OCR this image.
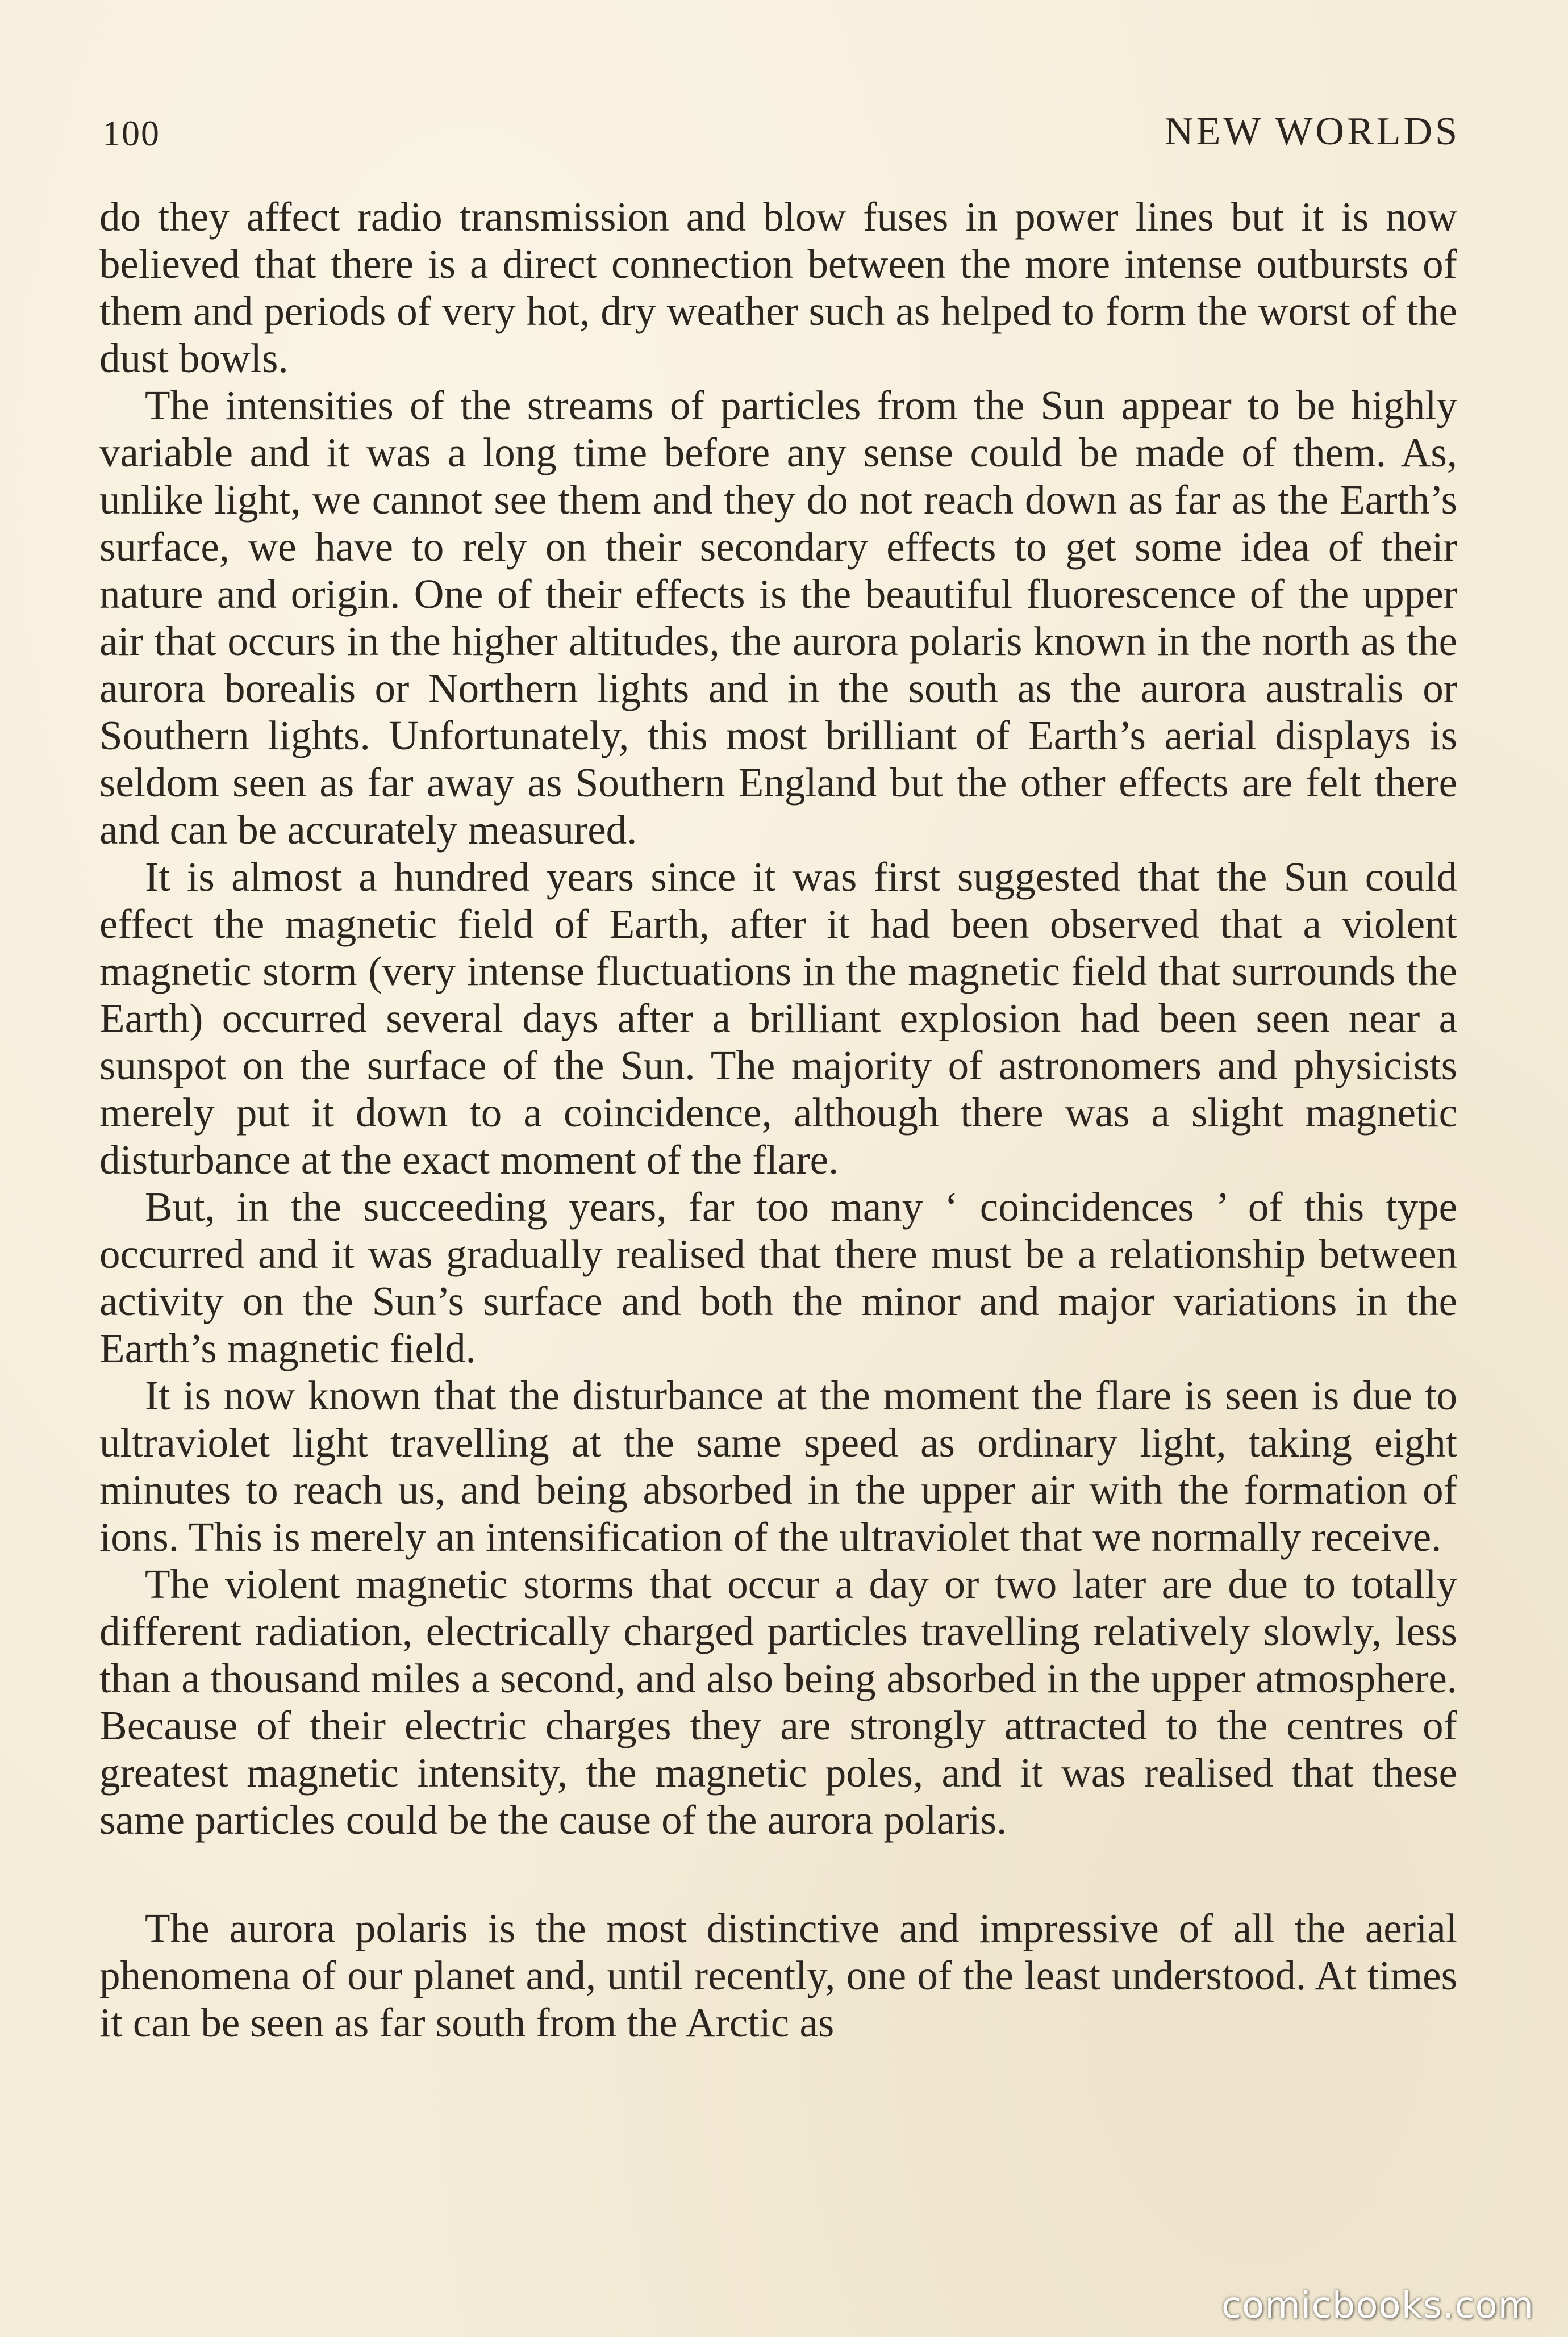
100	NEW WORLDS

do they affect radio transmission and blow fuses in power lines but it is now believed that there is a direct connection between the more intense outbursts of them and periods of very hot, dry weather such as helped to form the worst of the dust bowls.

The intensities of the streams of particles from the Sun appear to be highly variable and it was a long time before any sense could be made of them. As, unlike light, we cannot see them and they do not reach down as far as the Earth’s surface, we have to rely on their secondary effects to get some idea of their nature and origin. One of their effects is the beautiful fluorescence of the upper air that occurs in the higher altitudes, the aurora polaris known in the north as the aurora borealis or Northern lights and in the south as the aurora australis or Southern lights. Unfortunately, this most brilliant of Earth’s aerial displays is seldom seen as far away as Southern England but the other effects are felt there and can be accurately measured.

It is almost a hundred years since it was first suggested that the Sun could effect the magnetic field of Earth, after it had been observed that a violent magnetic storm (very intense fluctuations in the magnetic field that surrounds the Earth) occurred several days after a brilliant explosion had been seen near a sunspot on the surface of the Sun. The majority of astronomers and physicists merely put it down to a coincidence, although there was a slight magnetic disturbance at the exact moment of the flare.

But, in the succeeding years, far too many ‘ coincidences ’ of this type occurred and it was gradually realised that there must be a relationship between activity on the Sun’s surface and both the minor and major variations in the Earth’s magnetic field.

It is now known that the disturbance at the moment the flare is seen is due to ultraviolet light travelling at the same speed as ordinary light, taking eight minutes to reach us, and being absorbed in the upper air with the formation of ions. This is merely an intensification of the ultraviolet that we normally receive.

The violent magnetic storms that occur a day or two later are due to totally different radiation, electrically charged particles travelling relatively slowly, less than a thousand miles a second, and also being absorbed in the upper atmosphere. Because of their electric charges they are strongly attracted to the centres of greatest magnetic intensity, the magnetic poles, and it was realised that these same particles could be the cause of the aurora polaris.

The aurora polaris is the most distinctive and impressive of all the aerial phenomena of our planet and, until recently, one of the least understood. At times it can be seen as far south from the Arctic as

comicbooks.com
